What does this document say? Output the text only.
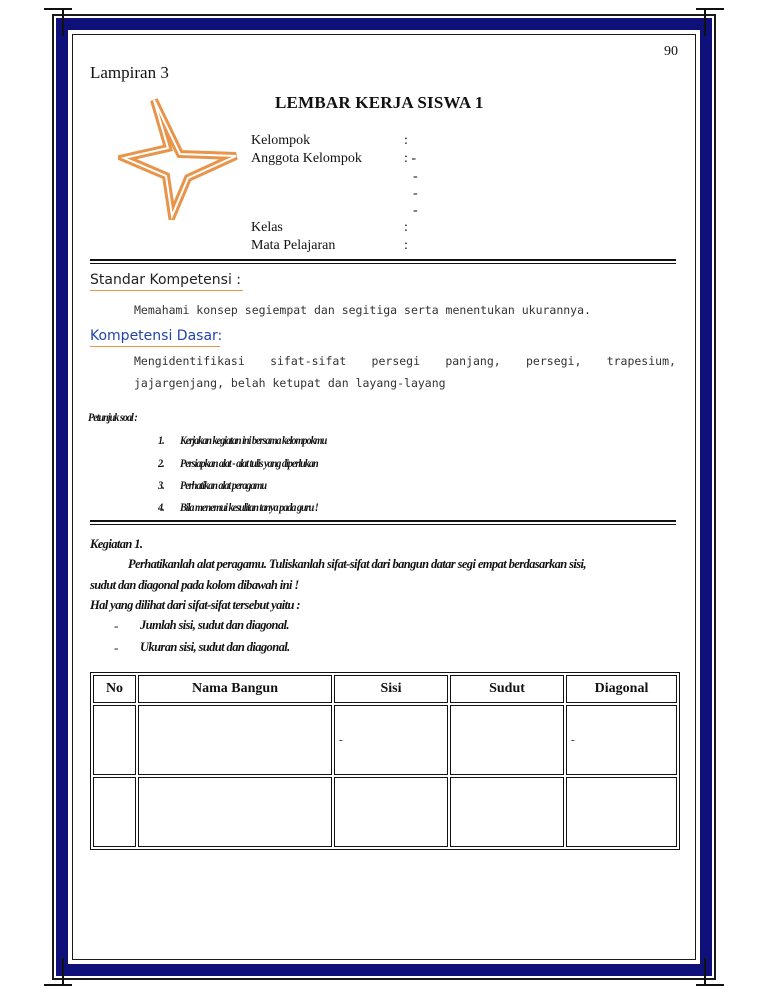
90
Lampiran 3
LEMBAR KERJA SISWA 1
Kelompok	:
Anggota Kelompok	: -
-
-
-
Kelas	:
Mata Pelajaran	:
Standar Kompetensi :
Memahami konsep segiempat dan segitiga serta menentukan ukurannya.
Kompetensi Dasar:
Mengidentifikasi sifat-sifat persegi panjang, persegi, trapesium,
jajargenjang, belah ketupat dan layang-layang
Petunjuk soal :
1. Kerjakan kegiatan ini bersama kelompokmu
2. Persiapkan alat - alat tulis yang diperlukan
3. Perhatikan alat peragamu
4. Bila menemui kesulitan tanya pada guru !
Kegiatan 1.
Perhatikanlah alat peragamu. Tuliskanlah sifat-sifat dari bangun datar segi empat berdasarkan sisi,
sudut dan diagonal pada kolom dibawah ini !
Hal yang dilihat dari sifat-sifat tersebut yaitu :
- Jumlah sisi, sudut dan diagonal.
- Ukuran sisi, sudut dan diagonal.
No	Nama Bangun	Sisi	Sudut	Diagonal
		-		-
